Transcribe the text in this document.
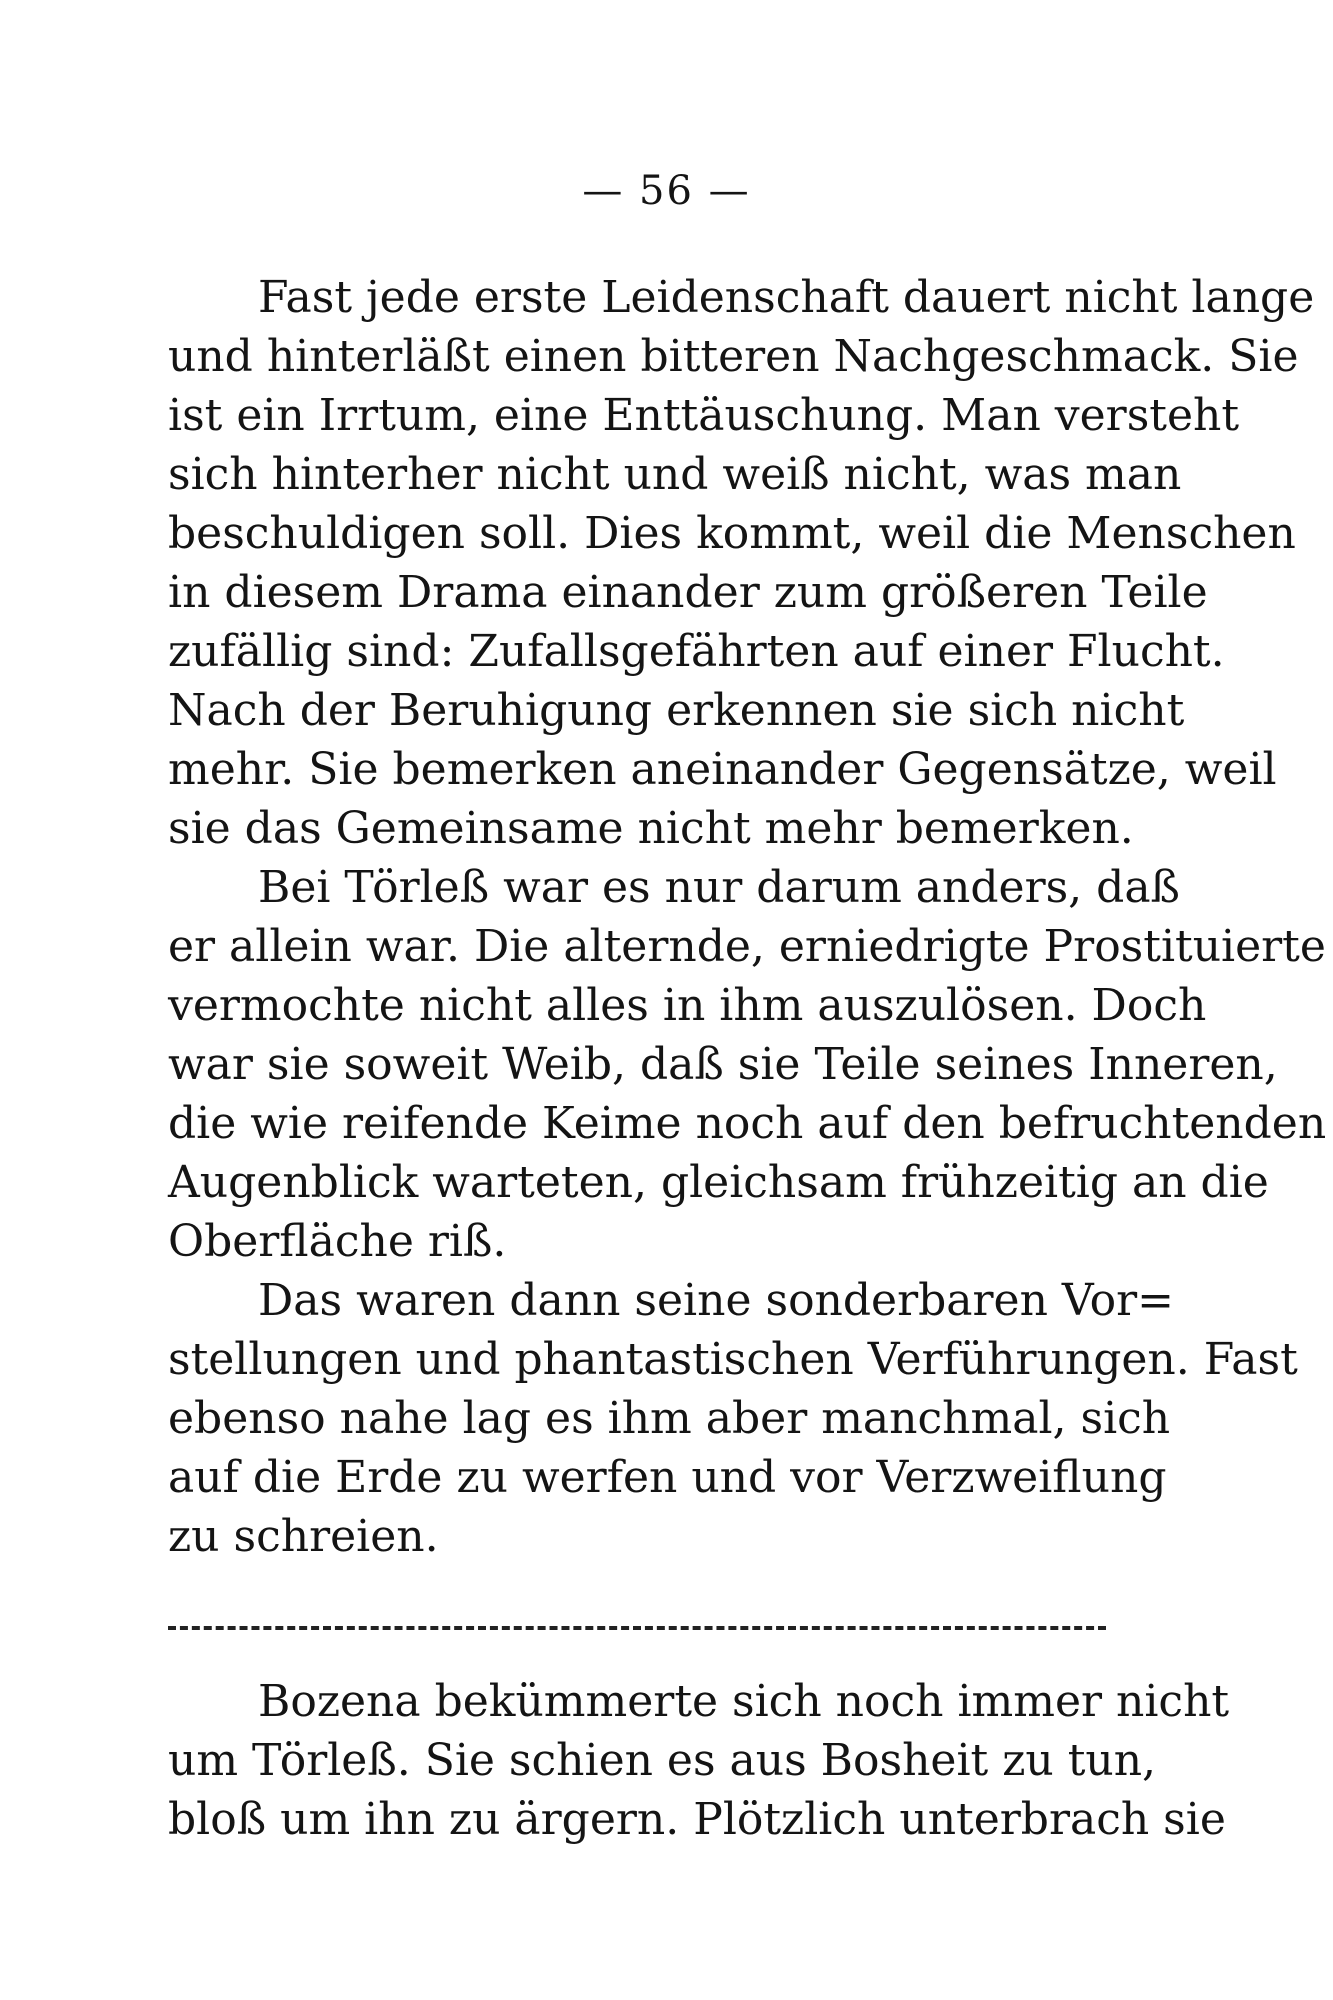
— 56 —

Fast jede erste Leidenschaft dauert nicht lange
und hinterläßt einen bitteren Nachgeschmack. Sie
ist ein Irrtum, eine Enttäuschung. Man versteht
sich hinterher nicht und weiß nicht, was man
beschuldigen soll. Dies kommt, weil die Menschen
in diesem Drama einander zum größeren Teile
zufällig sind: Zufallsgefährten auf einer Flucht.
Nach der Beruhigung erkennen sie sich nicht
mehr. Sie bemerken aneinander Gegensätze, weil
sie das Gemeinsame nicht mehr bemerken.

Bei Törleß war es nur darum anders, daß
er allein war. Die alternde, erniedrigte Prostituierte
vermochte nicht alles in ihm auszulösen. Doch
war sie soweit Weib, daß sie Teile seines Inneren,
die wie reifende Keime noch auf den befruchtenden
Augenblick warteten, gleichsam frühzeitig an die
Oberfläche riß.

Das waren dann seine sonderbaren Vor=
stellungen und phantastischen Verführungen. Fast
ebenso nahe lag es ihm aber manchmal, sich
auf die Erde zu werfen und vor Verzweiflung
zu schreien.

Bozena bekümmerte sich noch immer nicht
um Törleß. Sie schien es aus Bosheit zu tun,
bloß um ihn zu ärgern. Plötzlich unterbrach sie
